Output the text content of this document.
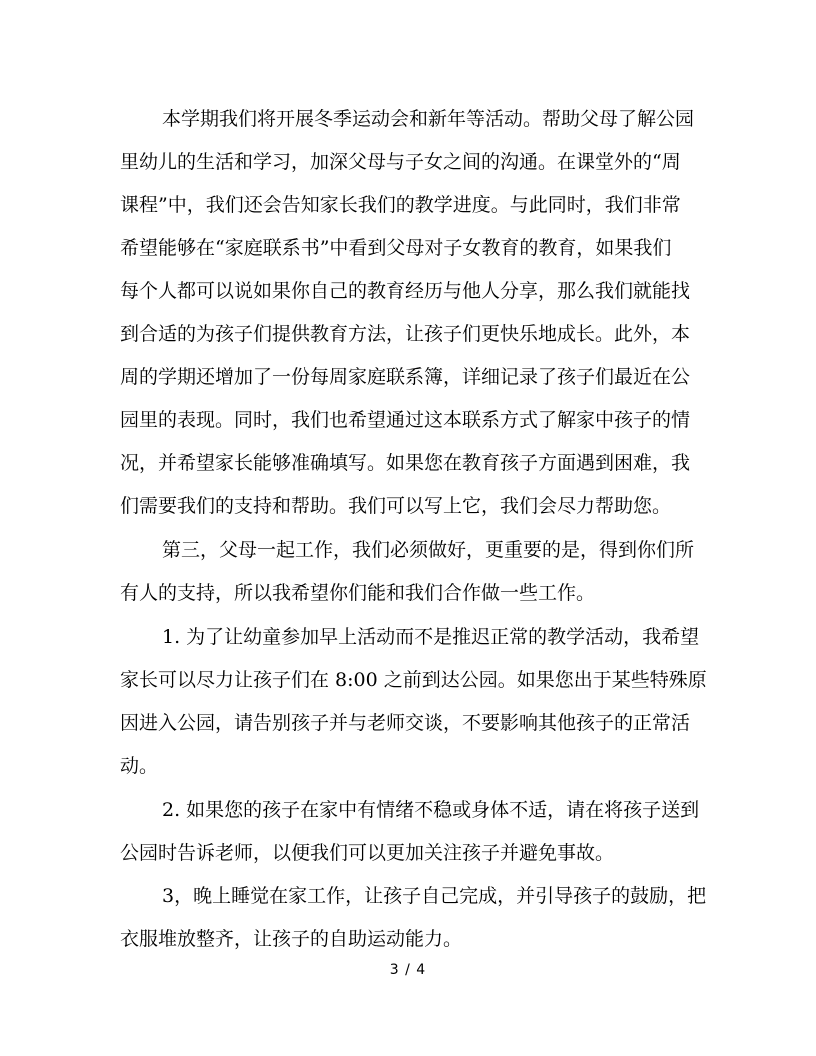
本学期我们将开展冬季运动会和新年等活动。帮助父母了解公园
里幼儿的生活和学习，加深父母与子女之间的沟通。在课堂外的“周
课程”中，我们还会告知家长我们的教学进度。与此同时，我们非常
希望能够在“家庭联系书”中看到父母对子女教育的教育，如果我们
每个人都可以说如果你自己的教育经历与他人分享，那么我们就能找
到合适的为孩子们提供教育方法，让孩子们更快乐地成长。此外，本
周的学期还增加了一份每周家庭联系簿，详细记录了孩子们最近在公
园里的表现。同时，我们也希望通过这本联系方式了解家中孩子的情
况，并希望家长能够准确填写。如果您在教育孩子方面遇到困难，我
们需要我们的支持和帮助。我们可以写上它，我们会尽力帮助您。
第三，父母一起工作，我们必须做好，更重要的是，得到你们所
有人的支持，所以我希望你们能和我们合作做一些工作。
1. 为了让幼童参加早上活动而不是推迟正常的教学活动，我希望
家长可以尽力让孩子们在 8:00 之前到达公园。如果您出于某些特殊原
因进入公园，请告别孩子并与老师交谈，不要影响其他孩子的正常活
动。
2. 如果您的孩子在家中有情绪不稳或身体不适，请在将孩子送到
公园时告诉老师，以便我们可以更加关注孩子并避免事故。
3，晚上睡觉在家工作，让孩子自己完成，并引导孩子的鼓励，把
衣服堆放整齐，让孩子的自助运动能力。
3 / 4
